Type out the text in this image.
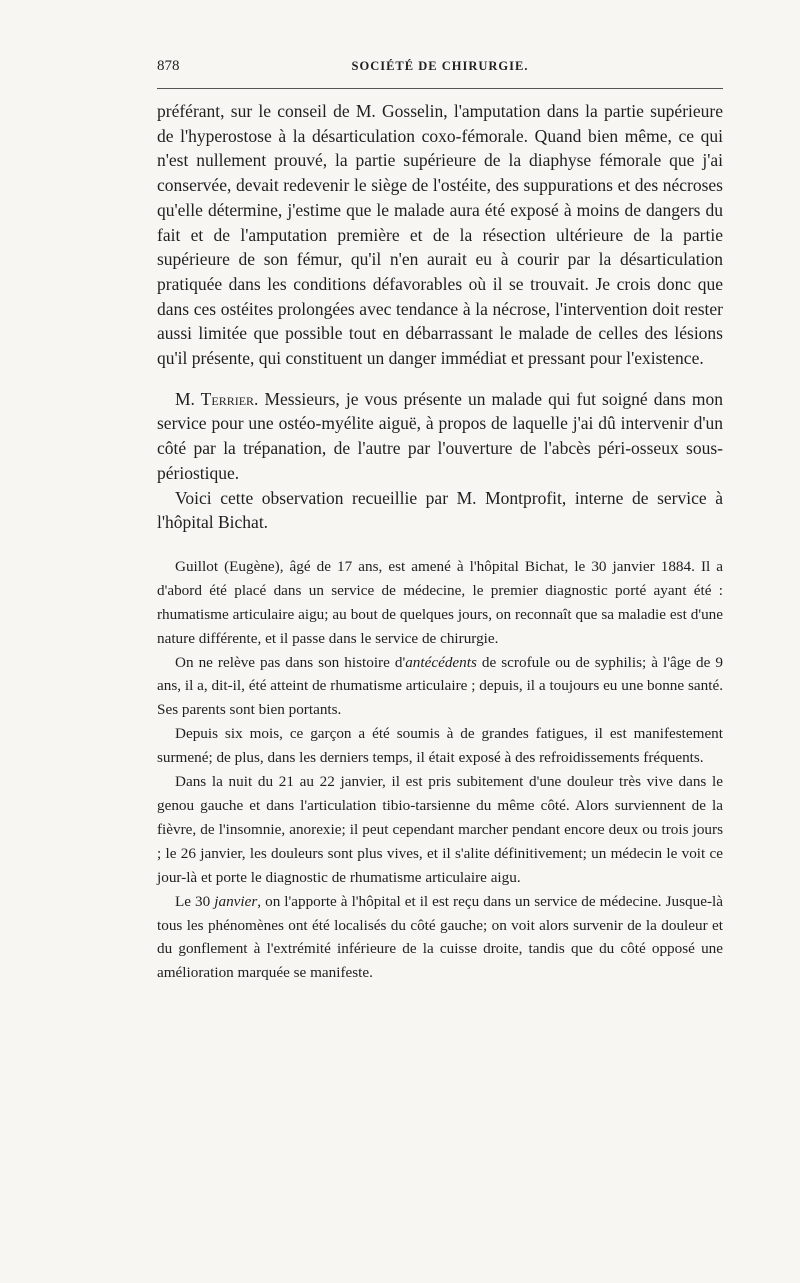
878	SOCIÉTÉ DE CHIRURGIE.

préférant, sur le conseil de M. Gosselin, l'amputation dans la partie supérieure de l'hyperostose à la désarticulation coxo-fémorale. Quand bien même, ce qui n'est nullement prouvé, la partie supérieure de la diaphyse fémorale que j'ai conservée, devait redevenir le siège de l'ostéite, des suppurations et des nécroses qu'elle détermine, j'estime que le malade aura été exposé à moins de dangers du fait et de l'amputation première et de la résection ultérieure de la partie supérieure de son fémur, qu'il n'en aurait eu à courir par la désarticulation pratiquée dans les conditions défavorables où il se trouvait. Je crois donc que dans ces ostéites prolongées avec tendance à la nécrose, l'intervention doit rester aussi limitée que possible tout en débarrassant le malade de celles des lésions qu'il présente, qui constituent un danger immédiat et pressant pour l'existence.

M. Terrier. Messieurs, je vous présente un malade qui fut soigné dans mon service pour une ostéo-myélite aiguë, à propos de laquelle j'ai dû intervenir d'un côté par la trépanation, de l'autre par l'ouverture de l'abcès péri-osseux sous-périostique.

Voici cette observation recueillie par M. Montprofit, interne de service à l'hôpital Bichat.

Guillot (Eugène), âgé de 17 ans, est amené à l'hôpital Bichat, le 30 janvier 1884. Il a d'abord été placé dans un service de médecine, le premier diagnostic porté ayant été : rhumatisme articulaire aigu; au bout de quelques jours, on reconnaît que sa maladie est d'une nature différente, et il passe dans le service de chirurgie.

On ne relève pas dans son histoire d'antécédents de scrofule ou de syphilis; à l'âge de 9 ans, il a, dit-il, été atteint de rhumatisme articulaire ; depuis, il a toujours eu une bonne santé. Ses parents sont bien portants.

Depuis six mois, ce garçon a été soumis à de grandes fatigues, il est manifestement surmené; de plus, dans les derniers temps, il était exposé à des refroidissements fréquents.

Dans la nuit du 21 au 22 janvier, il est pris subitement d'une douleur très vive dans le genou gauche et dans l'articulation tibio-tarsienne du même côté. Alors surviennent de la fièvre, de l'insomnie, anorexie; il peut cependant marcher pendant encore deux ou trois jours ; le 26 janvier, les douleurs sont plus vives, et il s'alite définitivement; un médecin le voit ce jour-là et porte le diagnostic de rhumatisme articulaire aigu.

Le 30 janvier, on l'apporte à l'hôpital et il est reçu dans un service de médecine. Jusque-là tous les phénomènes ont été localisés du côté gauche; on voit alors survenir de la douleur et du gonflement à l'extrémité inférieure de la cuisse droite, tandis que du côté opposé une amélioration marquée se manifeste.
